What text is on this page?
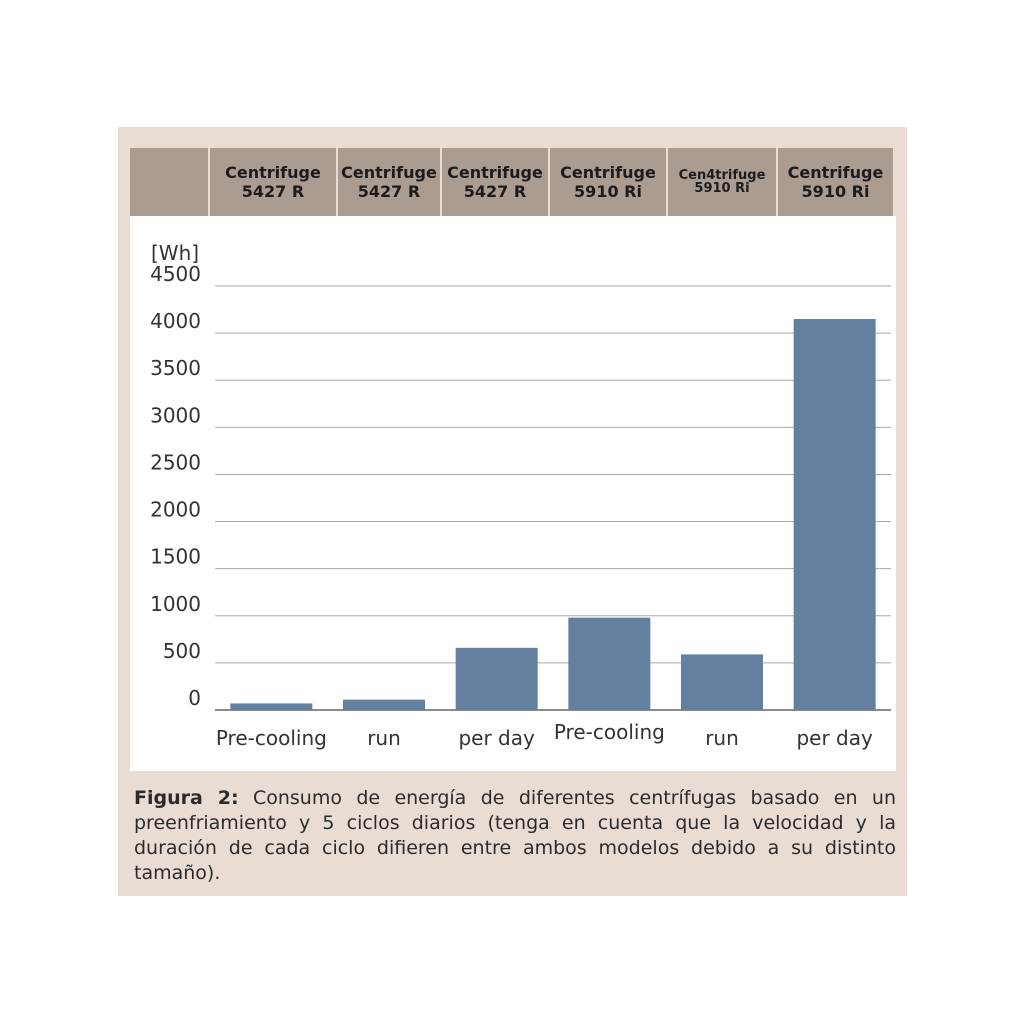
Centrifuge
5427 R
Centrifuge
5427 R
Centrifuge
5427 R
Centrifuge
5910 Ri
Cen4trifuge
5910 Ri
Centrifuge
5910 Ri
[Wh]
0
500
1000
1500
2000
2500
3000
3500
4000
4500
Pre-cooling run	per day Pre-cooling run	per day
Figura 2: Consumo de energía de diferentes centrífugas basado en un preenfriamiento y 5 ciclos diarios (tenga en cuenta que la velocidad y la duración de cada ciclo difieren entre ambos modelos debido a su distinto tamaño).
